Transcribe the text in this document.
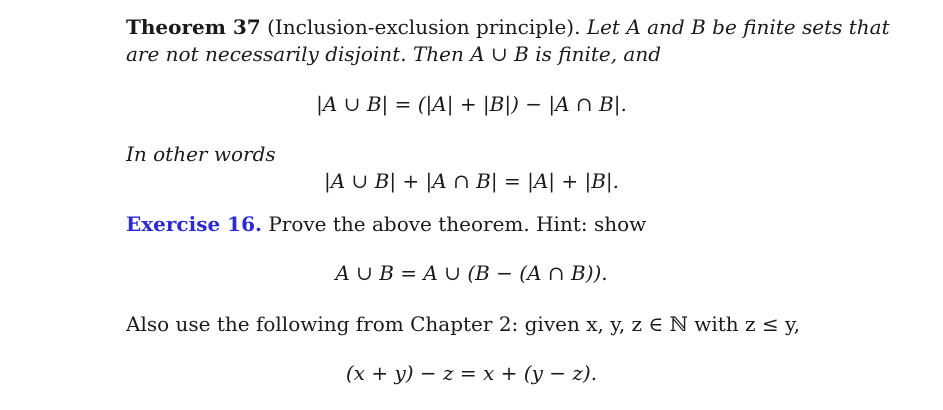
Theorem 37 (Inclusion-exclusion principle). Let A and B be finite sets that
are not necessarily disjoint. Then A ∪ B is finite, and
|A ∪ B| = (|A| + |B|) − |A ∩ B|.
In other words
|A ∪ B| + |A ∩ B| = |A| + |B|.
Exercise 16. Prove the above theorem. Hint: show
A ∪ B = A ∪ (B − (A ∩ B)).
Also use the following from Chapter 2: given x, y, z ∈ ℕ with z ≤ y,
(x + y) − z = x + (y − z).
